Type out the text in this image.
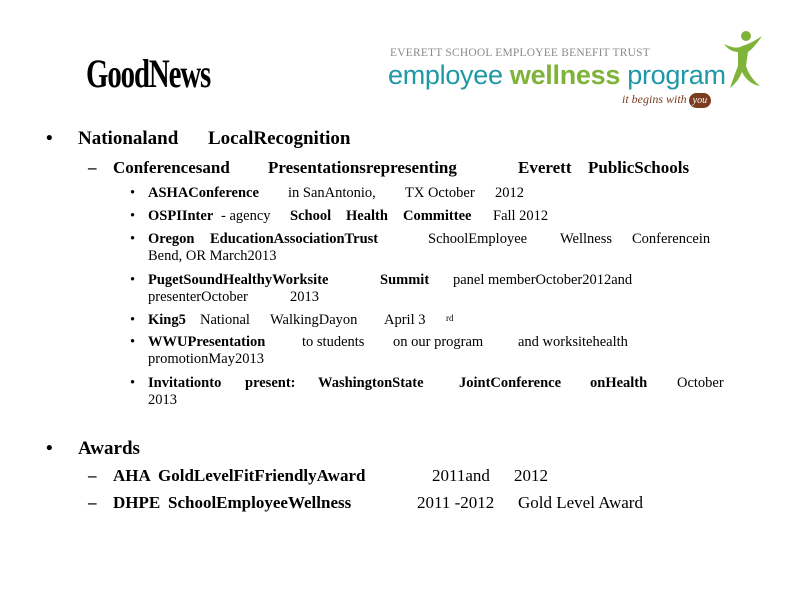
GoodNews	EVERETT SCHOOL EMPLOYEE BENEFIT TRUST
employee wellness program
it begins with you
• Nationaland LocalRecognition
– Conferencesand Presentationsrepresenting	Everett PublicSchools
• ASHAConference in SanAntonio, TX October 2012
• OSPIInter - agency School Health Committee Fall 2012
• Oregon EducationAssociationTrust	SchoolEmployee Wellness Conferencein
Bend, OR March2013
• PugetSoundHealthyWorksite	Summit panel memberOctober2012and
presenterOctober	2013
• King5 National WalkingDayon April 3 rd
• WWUPresentation	to students on our program and worksitehealth
promotionMay2013
• Invitationto present: WashingtonState JointConference onHealth October
2013
• Awards
– AHA GoldLevelFitFriendlyAward	2011and 2012
– DHPE SchoolEmployeeWellness	2011 -2012 Gold Level Award
